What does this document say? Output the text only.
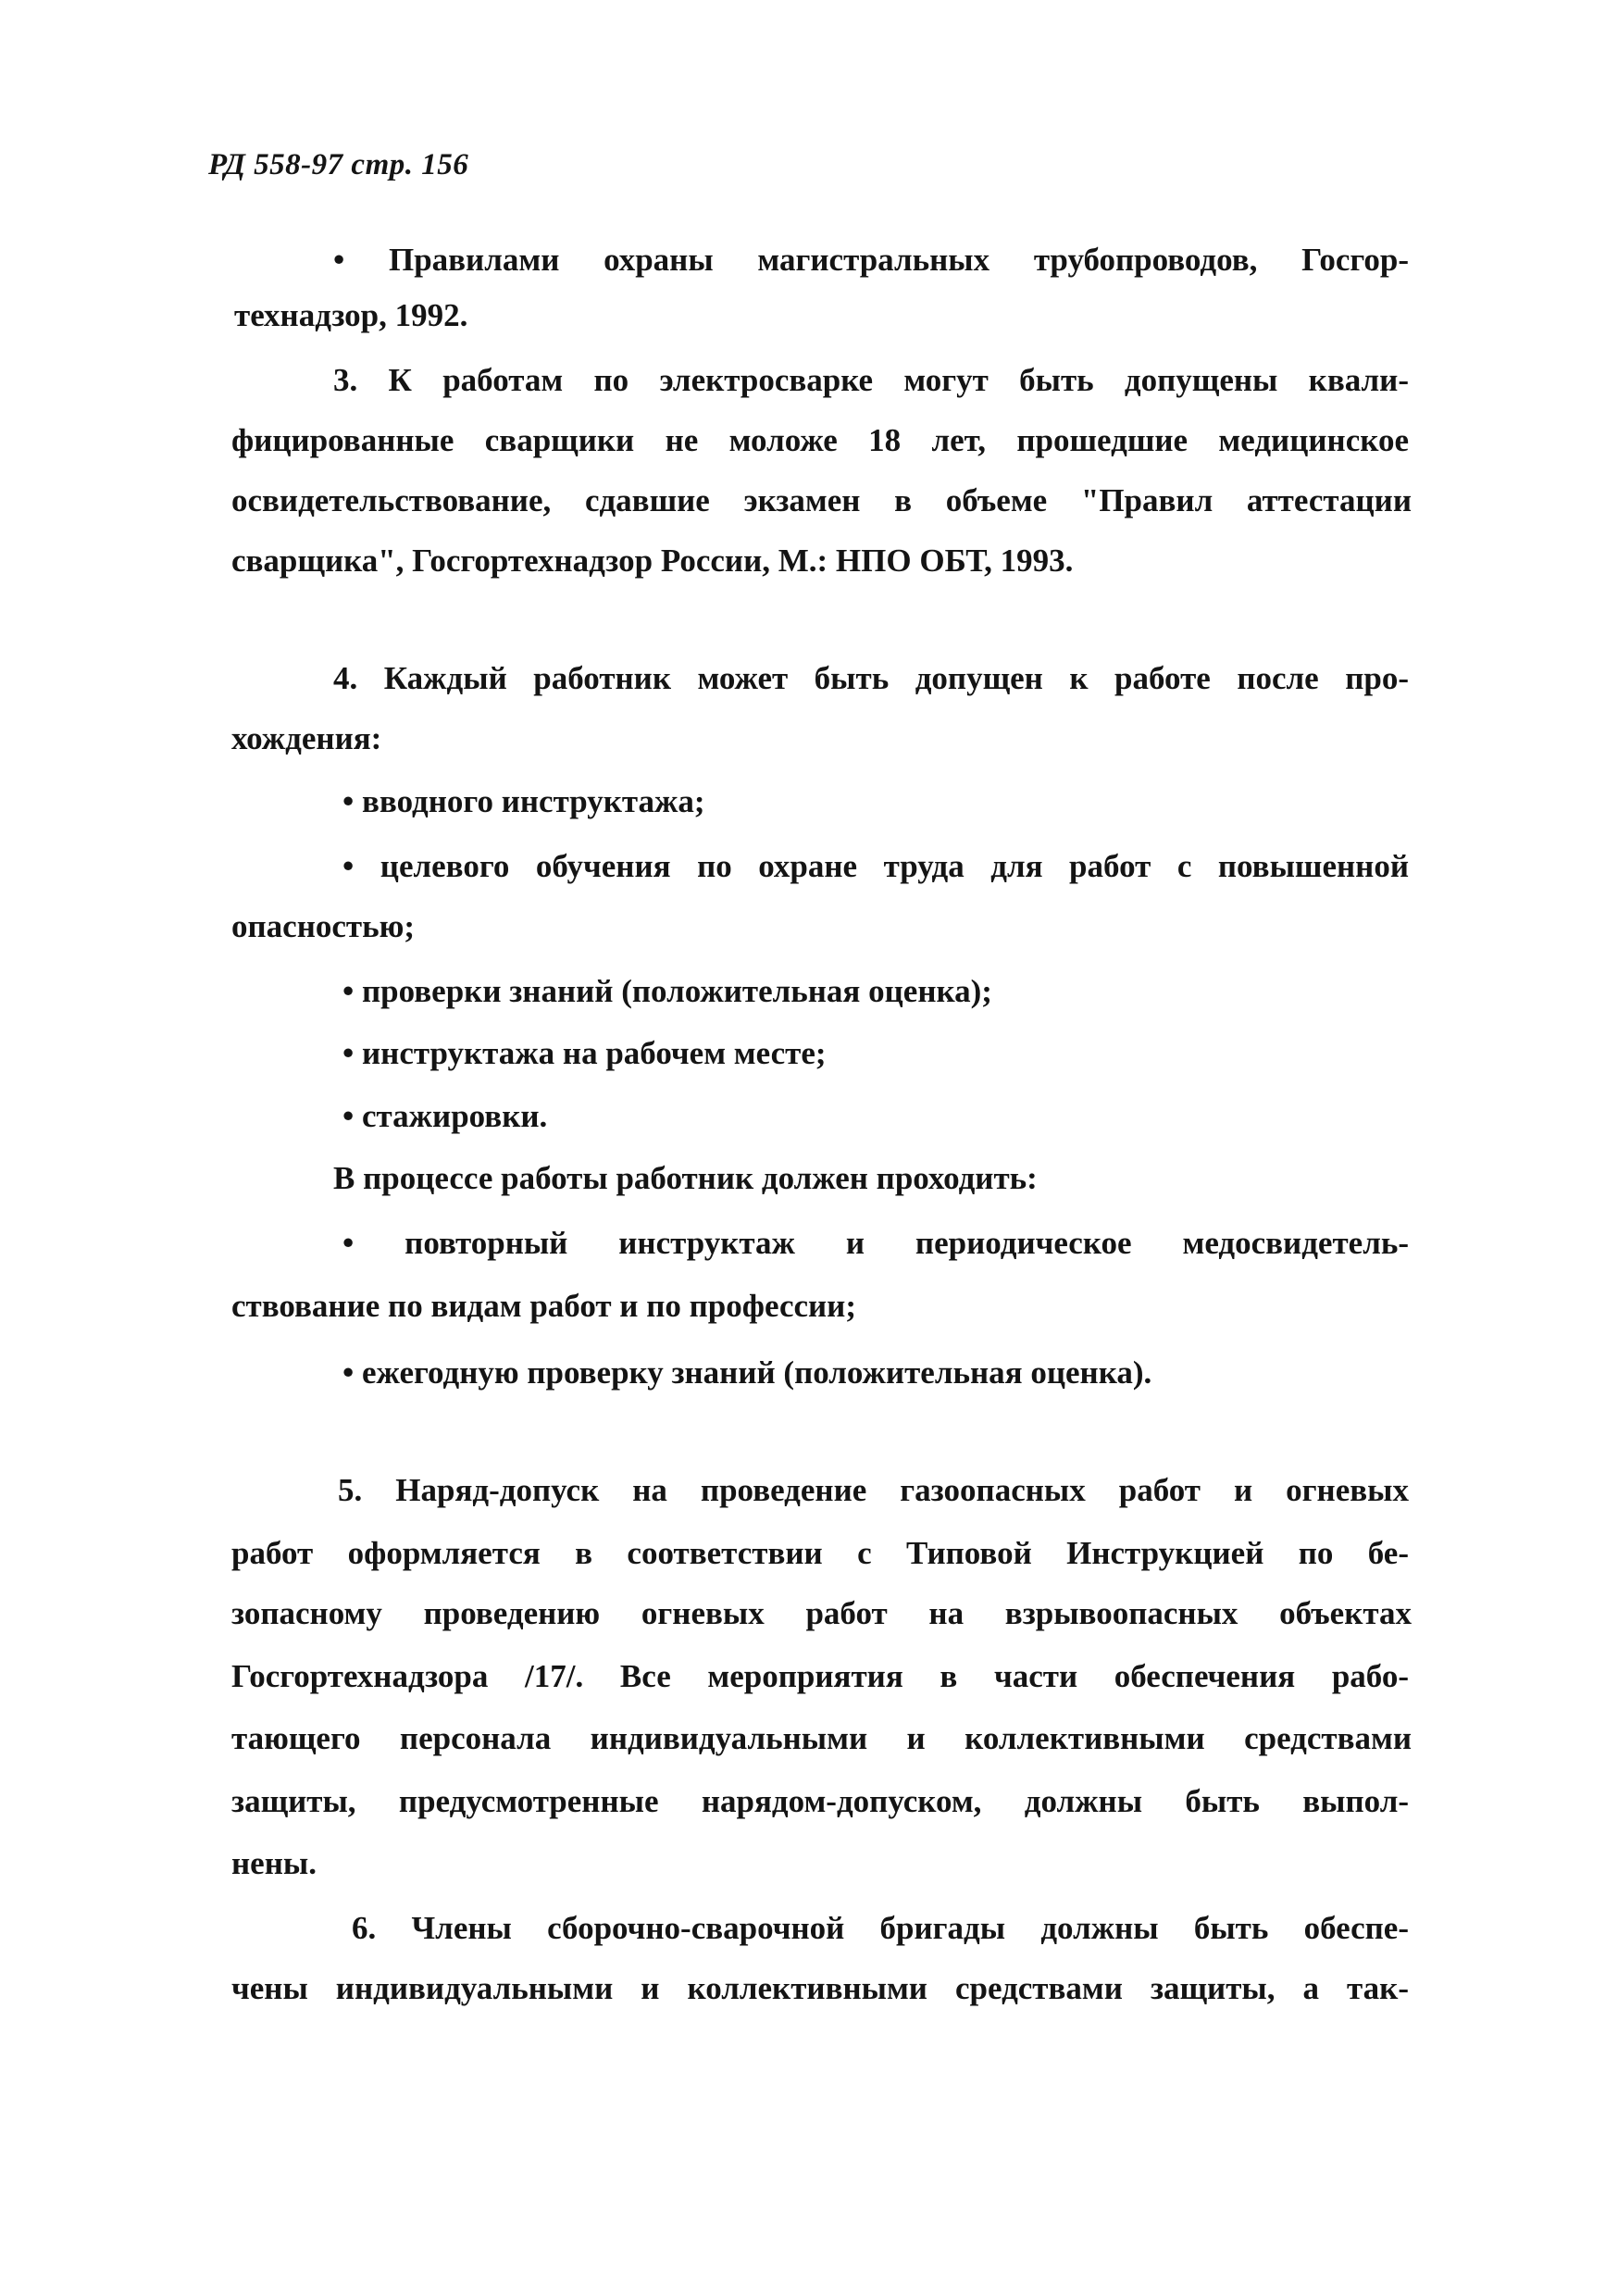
РД 558-97 стр. 156
• Правилами охраны магистральных трубопроводов, Госгор-
технадзор, 1992.
3. К работам по электросварке могут быть допущены квали-
фицированные сварщики не моложе 18 лет, прошедшие медицинское
освидетельствование, сдавшие экзамен в объеме "Правил аттестации
сварщика", Госгортехнадзор России, М.: НПО ОБТ, 1993.
4. Каждый работник может быть допущен к работе после про-
хождения:
• вводного инструктажа;
• целевого обучения по охране труда для работ с повышенной
опасностью;
• проверки знаний (положительная оценка);
• инструктажа на рабочем месте;
• стажировки.
В процессе работы работник должен проходить:
• повторный инструктаж и периодическое медосвидетель-
ствование по видам работ и по профессии;
• ежегодную проверку знаний (положительная оценка).
5. Наряд-допуск на проведение газоопасных работ и огневых
работ оформляется в соответствии с Типовой Инструкцией по бе-
зопасному проведению огневых работ на взрывоопасных объектах
Госгортехнадзора /17/. Все мероприятия в части обеспечения рабо-
тающего персонала индивидуальными и коллективными средствами
защиты, предусмотренные нарядом-допуском, должны быть выпол-
нены.
6. Члены сборочно-сварочной бригады должны быть обеспе-
чены индивидуальными и коллективными средствами защиты, а так-
